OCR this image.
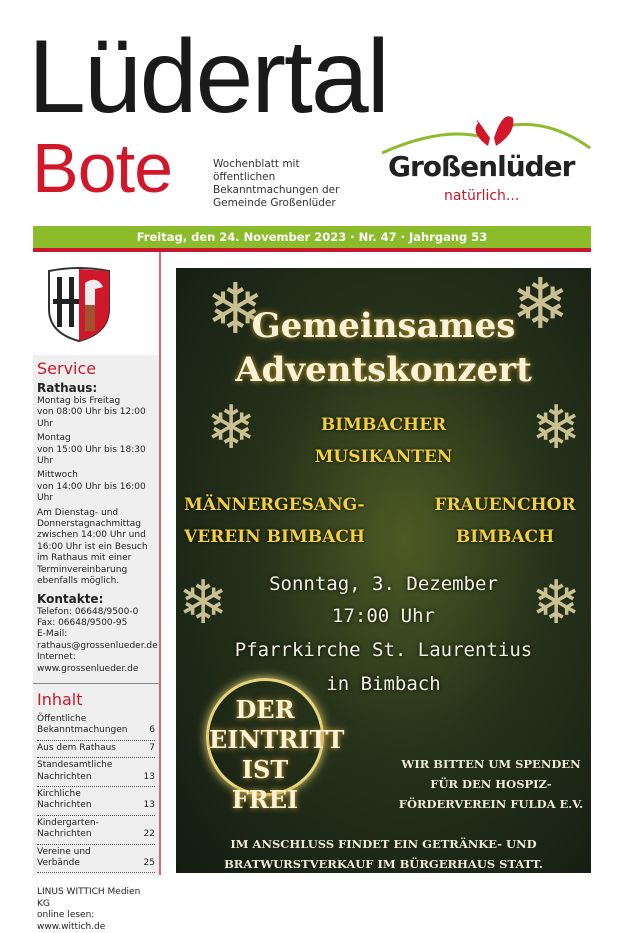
Lüdertal
Bote	Wochenblatt mit öffentlichen Bekanntmachungen der Gemeinde Großenlüder
Großenlüder
natürlich...
Freitag, den 24. November 2023 · Nr. 47 · Jahrgang 53
Service
Rathaus:
Montag bis Freitag
von 08:00 Uhr bis 12:00 Uhr
Montag
von 15:00 Uhr bis 18:30 Uhr
Mittwoch
von 14:00 Uhr bis 16:00 Uhr
Am Dienstag- und Donnerstagnachmittag zwischen 14:00 Uhr und 16:00 Uhr ist ein Besuch im Rathaus mit einer Terminvereinbarung ebenfalls möglich.
Kontakte:
Telefon: 06648/9500-0
Fax: 06648/9500-95
E-Mail:
rathaus@grossenlueder.de
Internet:
www.grossenlueder.de
Inhalt
Öffentliche Bekanntmachungen	6
Aus dem Rathaus	7
Standesamtliche Nachrichten	13
Kirchliche Nachrichten	13
Kindergarten-Nachrichten	22
Vereine und Verbände	25
LINUS WITTICH Medien KG
online lesen: www.wittich.de
❄	❄
❄	❄
❄	❄
Gemeinsames
Adventskonzert
BIMBACHER
MUSIKANTEN
MÄNNERGESANG-
VEREIN BIMBACH
FRAUENCHOR
BIMBACH
Sonntag, 3. Dezember
17:00 Uhr
Pfarrkirche St. Laurentius
in Bimbach
DER
EINTRITT
IST FREI
WIR BITTEN UM SPENDEN
FÜR DEN HOSPIZ-
FÖRDERVEREIN FULDA E.V.
IM ANSCHLUSS FINDET EIN GETRÄNKE- UND
BRATWURSTVERKAUF IM BÜRGERHAUS STATT.
